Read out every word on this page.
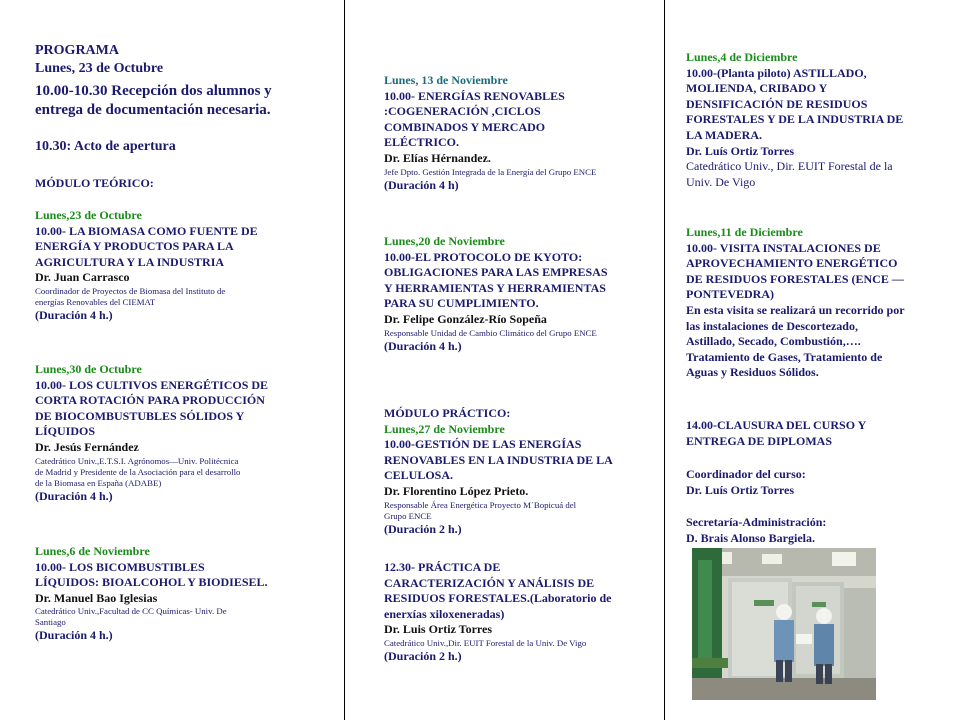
PROGRAMA
Lunes, 23 de Octubre
10.00-10.30 Recepción dos alumnos y
entrega de documentación necesaria.
10.30: Acto de apertura
MÓDULO TEÓRICO:
Lunes,23 de Octubre
10.00- LA BIOMASA COMO FUENTE DE
ENERGÍA Y PRODUCTOS PARA LA
AGRICULTURA Y LA INDUSTRIA
Dr. Juan Carrasco
Coordinador de Proyectos de Biomasa del Instituto de
energías Renovables del CIEMAT
(Duración 4 h.)
Lunes,30 de Octubre
10.00- LOS CULTIVOS ENERGÉTICOS DE
CORTA ROTACIÓN PARA PRODUCCIÓN
DE BIOCOMBUSTUBLES SÓLIDOS Y
LÍQUIDOS
Dr. Jesús Fernández
Catedrático Univ.,E.T.S.I. Agrónomos—Univ. Politécnica
de Madrid y Presidente de la Asociación para el desarrollo
de la Biomasa en España (ADABE)
(Duración 4 h.)
Lunes,6 de Noviembre
10.00- LOS BICOMBUSTIBLES
LÍQUIDOS: BIOALCOHOL Y BIODIESEL.
Dr. Manuel Bao Iglesias
Catedrático Univ.,Facultad de CC Químicas- Univ. De
Santiago
(Duración 4 h.)
Lunes, 13 de Noviembre
10.00- ENERGÍAS RENOVABLES
:COGENERACIÓN ,CICLOS
COMBINADOS Y MERCADO
ELÉCTRICO.
Dr. Elías Hérnandez.
Jefe Dpto. Gestión Integrada de la Energía del Grupo ENCE
(Duración 4 h)
Lunes,20 de Noviembre
10.00-EL PROTOCOLO DE KYOTO:
OBLIGACIONES PARA LAS EMPRESAS
Y HERRAMIENTAS Y HERRAMIENTAS
PARA SU CUMPLIMIENTO.
Dr. Felipe González-Río Sopeña
Responsable Unidad de Cambio Climático del Grupo ENCE
(Duración 4 h.)
MÓDULO PRÁCTICO:
Lunes,27 de Noviembre
10.00-GESTIÓN DE LAS ENERGÍAS
RENOVABLES EN LA INDUSTRIA DE LA
CELULOSA.
Dr. Florentino López Prieto.
Responsable Área Energética Proyecto M´Bopicuá del
Grupo ENCE
(Duración 2 h.)
12.30- PRÁCTICA DE
CARACTERIZACIÓN Y ANÁLISIS DE
RESIDUOS FORESTALES.(Laboratorio de
enerxías xiloxeneradas)
Dr. Luis Ortiz Torres
Catedrático Univ.,Dir. EUIT Forestal de la Univ. De Vigo
(Duración 2 h.)
Lunes,4 de Diciembre
10.00-(Planta piloto) ASTILLADO,
MOLIENDA, CRIBADO Y
DENSIFICACIÓN DE RESIDUOS
FORESTALES Y DE LA INDUSTRIA DE
LA MADERA.
Dr. Luís Ortiz Torres
Catedrático Univ., Dir. EUIT Forestal de la
Univ. De Vigo
Lunes,11 de Diciembre
10.00- VISITA INSTALACIONES DE
APROVECHAMIENTO ENERGÉTICO
DE RESIDUOS FORESTALES (ENCE —
PONTEVEDRA)
En esta visita se realizará un recorrido por
las instalaciones de Descortezado,
Astillado, Secado, Combustión,….
Tratamiento de Gases, Tratamiento de
Aguas y Residuos Sólidos.
14.00-CLAUSURA DEL CURSO Y
ENTREGA DE DIPLOMAS
Coordinador del curso:
Dr. Luís Ortiz Torres
Secretaría-Administración:
D. Brais Alonso Bargiela.
